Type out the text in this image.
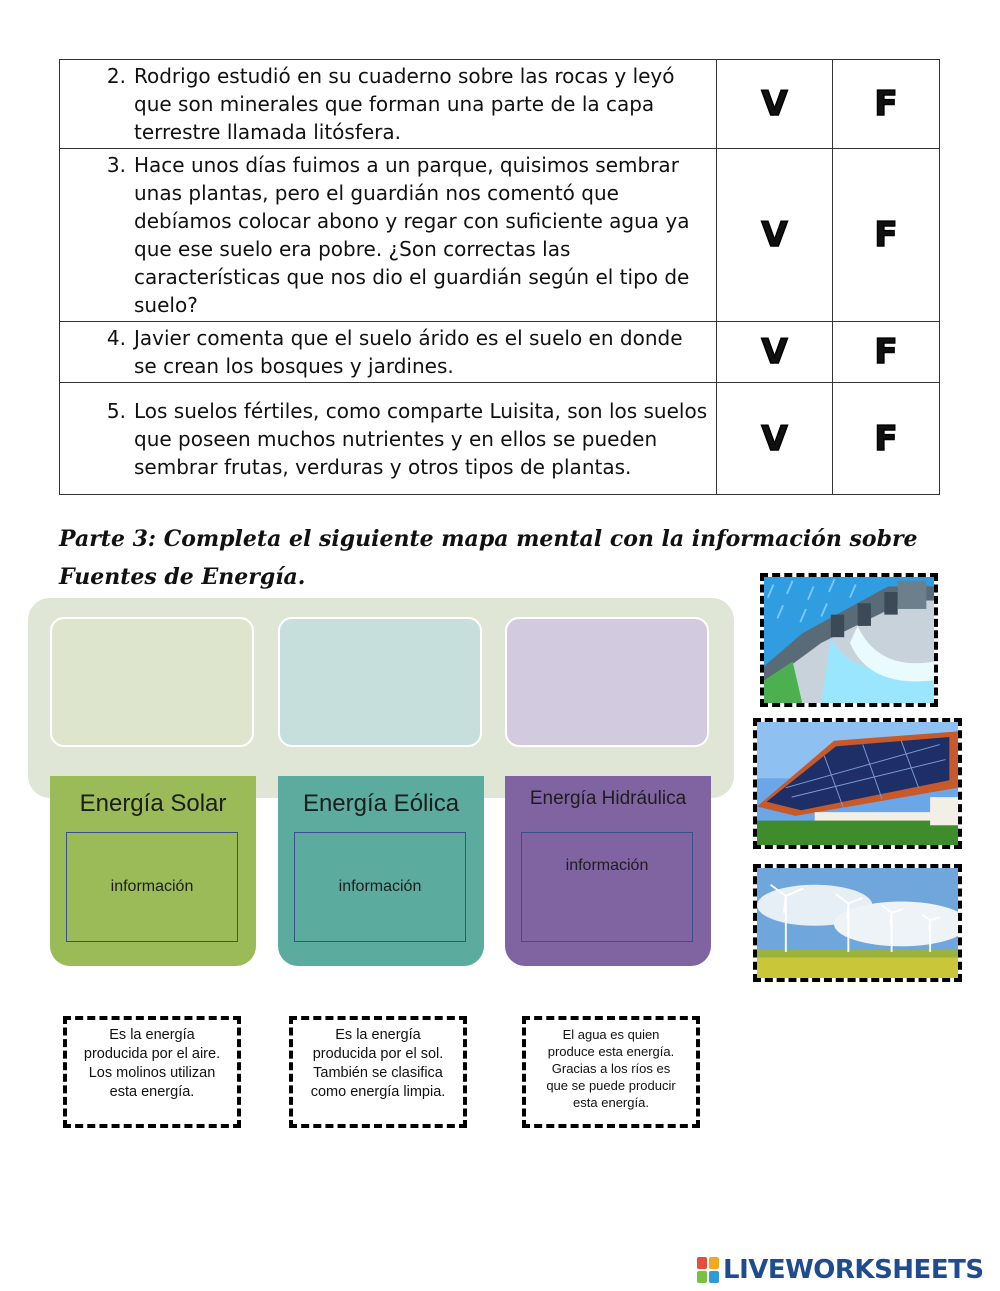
2. Rodrigo estudió en su cuaderno sobre las rocas y leyó que son minerales que forman una parte de la capa terrestre llamada litósfera.	V	F

3. Hace unos días fuimos a un parque, quisimos sembrar unas plantas, pero el guardián nos comentó que debíamos colocar abono y regar con suficiente agua ya que ese suelo era pobre. ¿Son correctas las características que nos dio el guardián según el tipo de suelo?	V	F

4. Javier comenta que el suelo árido es el suelo en donde se crean los bosques y jardines.	V	F

5. Los suelos fértiles, como comparte Luisita, son los suelos que poseen muchos nutrientes y en ellos se pueden sembrar frutas, verduras y otros tipos de plantas.	V	F
Parte 3: Completa el siguiente mapa mental con la información sobre Fuentes de Energía.
Energía Solar
información
Energía Eólica
información
Energía Hidráulica
información
Es la energía producida por el aire. Los molinos utilizan esta energía.
Es la energía producida por el sol. También se clasifica como energía limpia.
El agua es quien produce esta energía. Gracias a los ríos es que se puede producir esta energía.
LIVEWORKSHEETS
